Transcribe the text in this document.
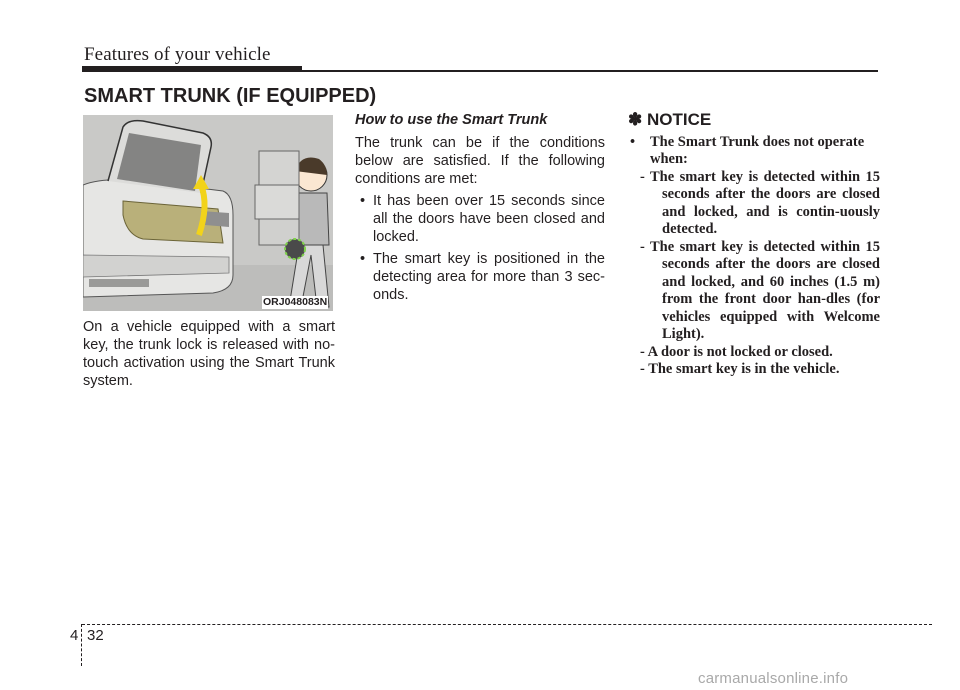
Features of your vehicle
SMART TRUNK (IF EQUIPPED)
ORJ048083N
On a vehicle equipped with a smart key, the trunk lock is released with no-touch activation using the Smart Trunk system.
How to use the Smart Trunk
The trunk can be if the conditions below are satisfied. If the following conditions are met:
• It has been over 15 seconds since all the doors have been closed and locked.
• The smart key is positioned in the detecting area for more than 3 sec-onds.
✽ NOTICE
• The Smart Trunk does not operate
when:
- The smart key is detected within 15 seconds after the doors are closed and locked, and is contin-uously detected.
- The smart key is detected within 15 seconds after the doors are closed and locked, and 60 inches (1.5 m) from the front door han-dles (for vehicles equipped with Welcome Light).
- A door is not locked or closed.
- The smart key is in the vehicle.
4 32
carmanualsonline.info
